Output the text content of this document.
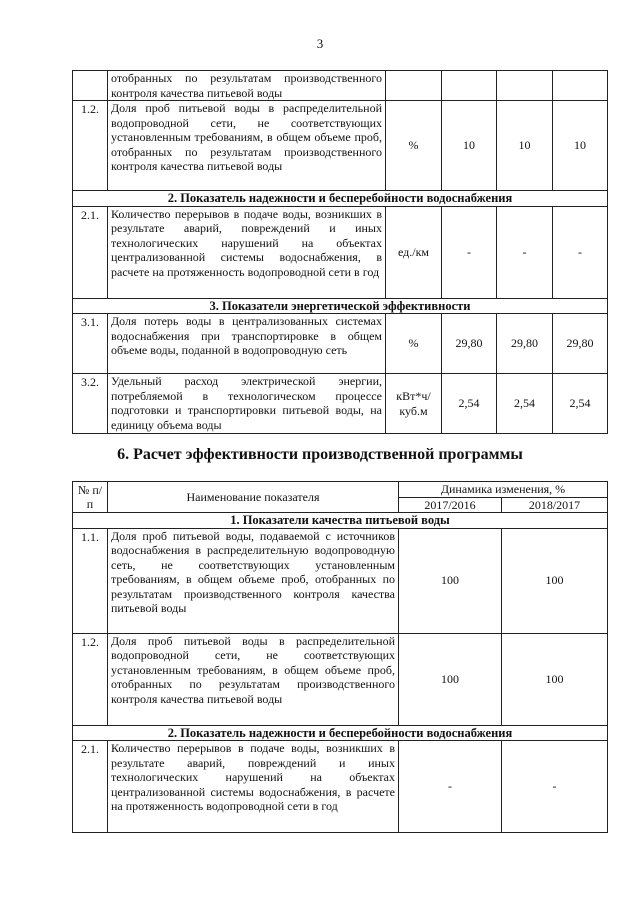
3
	отобранных по результатам производственного контроля качества питьевой воды				
1.2.	Доля проб питьевой воды в распределительной водопроводной сети, не соответствующих установленным требованиям, в общем объеме проб, отобранных по результатам производственного контроля качества питьевой воды	%	10	10	10
2. Показатель надежности и бесперебойности водоснабжения					
2.1.	Количество перерывов в подаче воды, возникших в результате аварий, повреждений и иных технологических нарушений на объектах централизованной системы водоснабжения, в расчете на протяженность водопроводной сети в год	ед./км	-	-	-
3. Показатели энергетической эффективности					
3.1.	Доля потерь воды в централизованных системах водоснабжения при транспортировке в общем объеме воды, поданной в водопроводную сеть	%	29,80	29,80	29,80
3.2.	Удельный расход электрической энергии, потребляемой в технологическом процессе подготовки и транспортировки питьевой воды, на единицу объема воды	кВт*ч/ куб.м	2,54	2,54	2,54
6. Расчет эффективности производственной программы
№ п/п	Наименование показателя	Динамика изменения, %	
		2017/2016	2018/2017
1. Показатели качества питьевой воды			
1.1.	Доля проб питьевой воды, подаваемой с источников водоснабжения в распределительную водопроводную сеть, не соответствующих установленным требованиям, в общем объеме проб, отобранных по результатам производственного контроля качества питьевой воды	100	100
1.2.	Доля проб питьевой воды в распределительной водопроводной сети, не соответствующих установленным требованиям, в общем объеме проб, отобранных по результатам производственного контроля качества питьевой воды	100	100
2. Показатель надежности и бесперебойности водоснабжения			
2.1.	Количество перерывов в подаче воды, возникших в результате аварий, повреждений и иных технологических нарушений на объектах централизованной системы водоснабжения, в расчете на протяженность водопроводной сети в год	-	-
